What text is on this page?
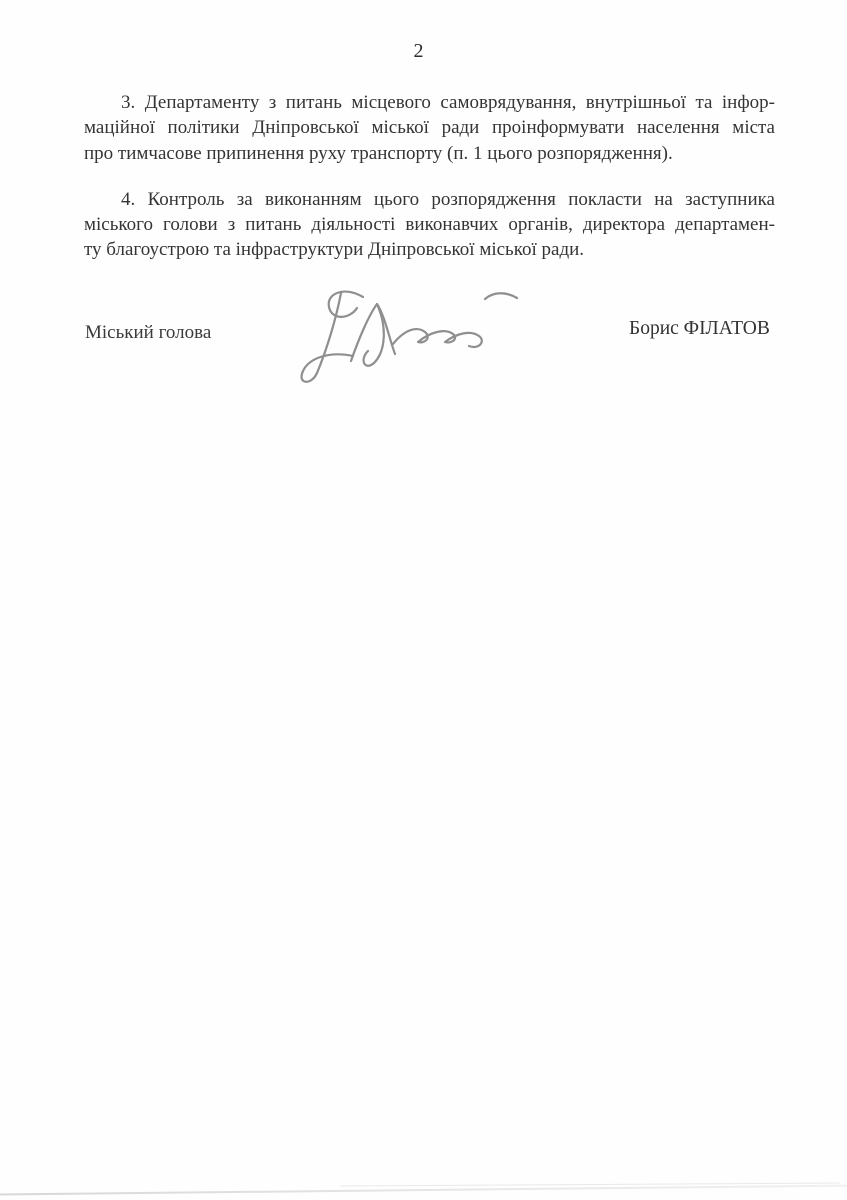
2
3. Департаменту з питань місцевого самоврядування, внутрішньої та інфор-
маційної політики Дніпровської міської ради проінформувати населення міста
про тимчасове припинення руху транспорту (п. 1 цього розпорядження).
4. Контроль за виконанням цього розпорядження покласти на заступника
міського голови з питань діяльності виконавчих органів, директора департамен-
ту благоустрою та інфраструктури Дніпровської міської ради.
Міський голова	Борис ФІЛАТОВ
